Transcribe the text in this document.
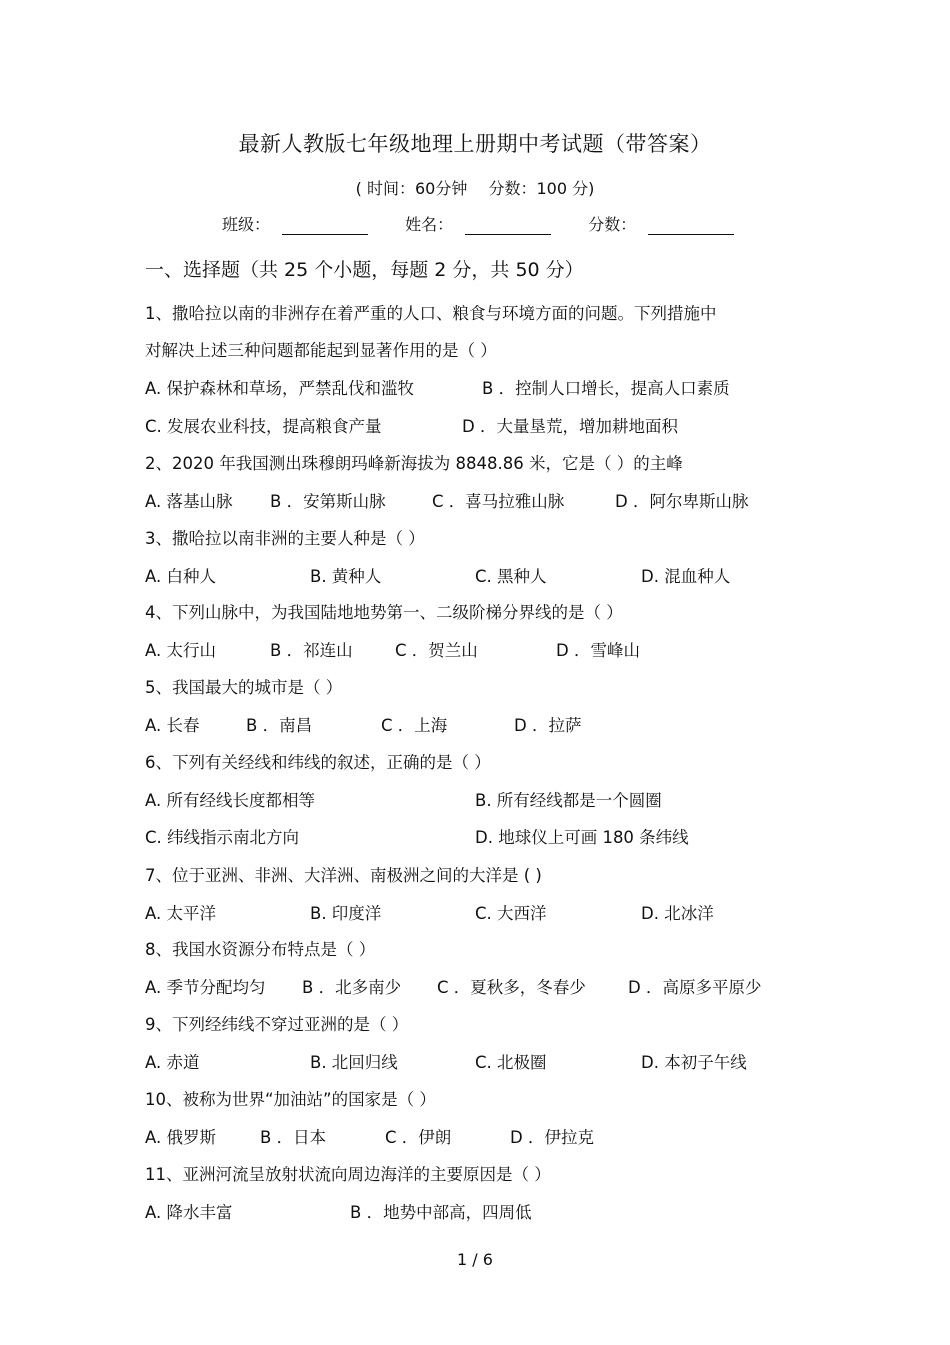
最新人教版七年级地理上册期中考试题（带答案）
( 时间：60分钟 分数：100 分)
班级：
	姓名：
	分数：
一、选择题（共 25 个小题，每题 2 分，共 50 分）
1、撒哈拉以南的非洲存在着严重的人口、粮食与环境方面的问题。下列措施中
对解决上述三种问题都能起到显著作用的是（ ）
A. 保护森林和草场，严禁乱伐和滥牧	B ．控制人口增长，提高人口素质
C. 发展农业科技，提高粮食产量	D ．大量垦荒，增加耕地面积
2、2020 年我国测出珠穆朗玛峰新海拔为 8848.86 米，它是（ ）的主峰
A. 落基山脉 B ．安第斯山脉	C ．喜马拉雅山脉	D ．阿尔卑斯山脉
3、撒哈拉以南非洲的主要人种是（ ）
A. 白种人	B. 黄种人	C. 黑种人	D. 混血种人
4、下列山脉中，为我国陆地地势第一、二级阶梯分界线的是（ ）
A. 太行山	B ．祁连山	C ．贺兰山	D ．雪峰山
5、我国最大的城市是（ ）
A. 长春	B ．南昌	C ．上海	D ．拉萨
6、下列有关经线和纬线的叙述，正确的是（ ）
A. 所有经线长度都相等	B. 所有经线都是一个圆圈
C. 纬线指示南北方向	D. 地球仪上可画 180 条纬线
7、位于亚洲、非洲、大洋洲、南极洲之间的大洋是 ( )
A. 太平洋	B. 印度洋	C. 大西洋	D. 北冰洋
8、我国水资源分布特点是（ ）
A. 季节分配均匀 B ．北多南少 C ．夏秋多，冬春少	D ．高原多平原少
9、下列经纬线不穿过亚洲的是（ ）
A. 赤道	B. 北回归线	C. 北极圈	D. 本初子午线
10、被称为世界“加油站”的国家是（ ）
A. 俄罗斯	B ．日本	C ．伊朗	D ．伊拉克
11、亚洲河流呈放射状流向周边海洋的主要原因是（ ）
A. 降水丰富	B ．地势中部高，四周低
1 / 6
